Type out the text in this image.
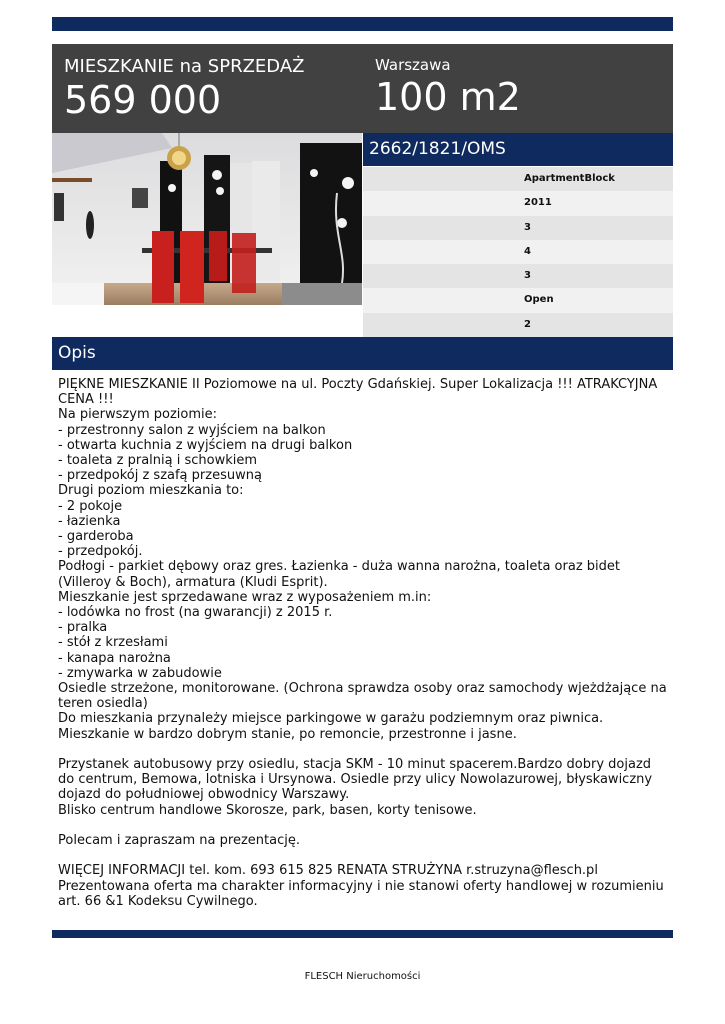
MIESZKANIE na SPRZEDAŻ
569 000
Warszawa
100 m2
2662/1821/OMS
ApartmentBlock
2011
3
4
3
Open
2
Opis

PIĘKNE MIESZKANIE II Poziomowe na ul. Poczty Gdańskiej. Super Lokalizacja !!! ATRAKCYJNA CENA !!!

Na pierwszym poziomie:

- przestronny salon z wyjściem na balkon

- otwarta kuchnia z wyjściem na drugi balkon

- toaleta z pralnią i schowkiem

- przedpokój z szafą przesuwną

Drugi poziom mieszkania to:

- 2 pokoje

- łazienka

- garderoba

- przedpokój.

Podłogi - parkiet dębowy oraz gres. Łazienka - duża wanna narożna, toaleta oraz bidet (Villeroy & Boch), armatura (Kludi Esprit).

Mieszkanie jest sprzedawane wraz z wyposażeniem m.in:

- lodówka no frost (na gwarancji) z 2015 r.

- pralka

- stół z krzesłami

- kanapa narożna

- zmywarka w zabudowie

Osiedle strzeżone, monitorowane. (Ochrona sprawdza osoby oraz samochody wjeżdżające na teren osiedla)

Do mieszkania przynależy miejsce parkingowe w garażu podziemnym oraz piwnica.

Mieszkanie w bardzo dobrym stanie, po remoncie, przestronne i jasne.

Przystanek autobusowy przy osiedlu, stacja SKM - 10 minut spacerem.Bardzo dobry dojazd do centrum, Bemowa, lotniska i Ursynowa. Osiedle przy ulicy Nowolazurowej, błyskawiczny dojazd do południowej obwodnicy Warszawy.

Blisko centrum handlowe Skorosze, park, basen, korty tenisowe.

Polecam i zapraszam na prezentację.

WIĘCEJ INFORMACJI tel. kom. 693 615 825 RENATA STRUŻYNA r.struzyna@flesch.pl

Prezentowana oferta ma charakter informacyjny i nie stanowi oferty handlowej w rozumieniu art. 66 &1 Kodeksu Cywilnego.

FLESCH Nieruchomości
